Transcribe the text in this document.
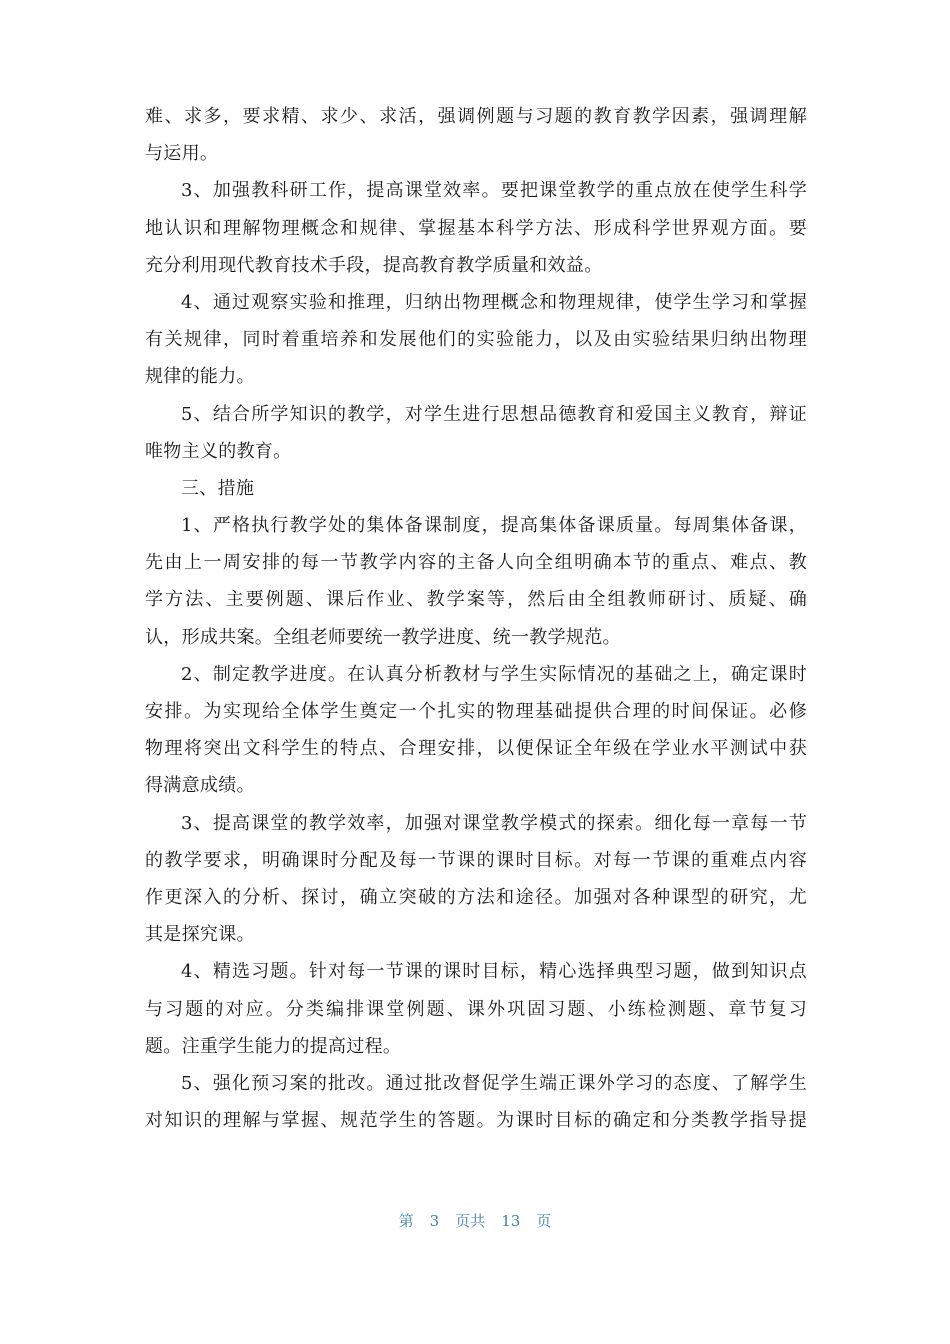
难、求多，要求精、求少、求活，强调例题与习题的教育教学因素，强调理解
与运用。
3、加强教科研工作，提高课堂效率。要把课堂教学的重点放在使学生科学
地认识和理解物理概念和规律、掌握基本科学方法、形成科学世界观方面。要
充分利用现代教育技术手段，提高教育教学质量和效益。
4、通过观察实验和推理，归纳出物理概念和物理规律，使学生学习和掌握
有关规律，同时着重培养和发展他们的实验能力，以及由实验结果归纳出物理
规律的能力。
5、结合所学知识的教学，对学生进行思想品德教育和爱国主义教育，辩证
唯物主义的教育。
三、措施
1、严格执行教学处的集体备课制度，提高集体备课质量。每周集体备课，
先由上一周安排的每一节教学内容的主备人向全组明确本节的重点、难点、教
学方法、主要例题、课后作业、教学案等，然后由全组教师研讨、质疑、确
认，形成共案。全组老师要统一教学进度、统一教学规范。
2、制定教学进度。在认真分析教材与学生实际情况的基础之上，确定课时
安排。为实现给全体学生奠定一个扎实的物理基础提供合理的时间保证。必修
物理将突出文科学生的特点、合理安排，以便保证全年级在学业水平测试中获
得满意成绩。
3、提高课堂的教学效率，加强对课堂教学模式的探索。细化每一章每一节
的教学要求，明确课时分配及每一节课的课时目标。对每一节课的重难点内容
作更深入的分析、探讨，确立突破的方法和途径。加强对各种课型的研究，尤
其是探究课。
4、精选习题。针对每一节课的课时目标，精心选择典型习题，做到知识点
与习题的对应。分类编排课堂例题、课外巩固习题、小练检测题、章节复习
题。注重学生能力的提高过程。
5、强化预习案的批改。通过批改督促学生端正课外学习的态度、了解学生
对知识的理解与掌握、规范学生的答题。为课时目标的确定和分类教学指导提
第 3 页共 13 页
